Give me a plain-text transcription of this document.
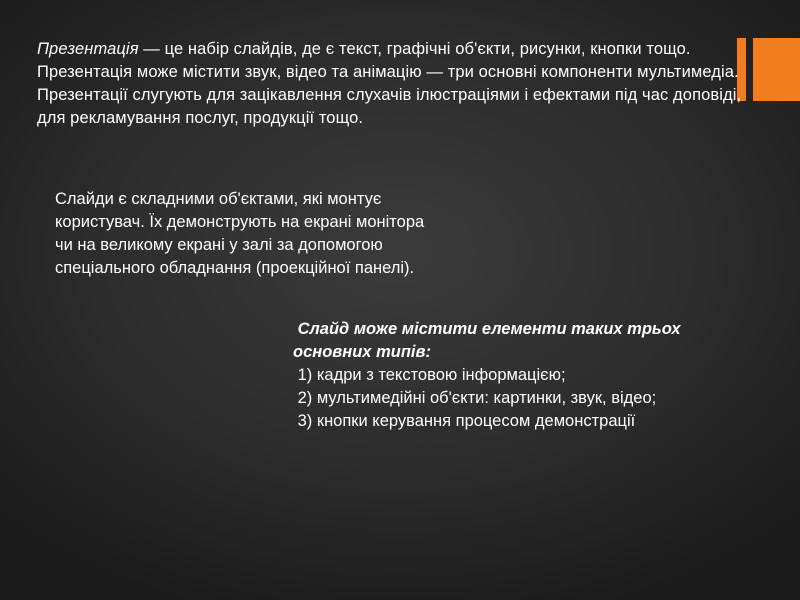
Презентація — це набір слайдів, де є текст, графічні об'єкти, рисунки, кнопки тощо. Презентація може містити звук, відео та анімацію — три основні компоненти мультимедіа.

Презентації слугують для зацікавлення слухачів ілюстраціями і ефектами під час доповіді, для рекламування послуг, продукції тощо.

Слайди є складними об'єктами, які монтує користувач. Їх демонструють на екрані монітора чи на великому екрані у залі за допомогою спеціального обладнання (проекційної панелі).

Слайд може містити елементи таких трьох основних типів:

1) кадри з текстовою інформацією;

2) мультимедійні об'єкти: картинки, звук, відео;

3) кнопки керування процесом демонстрації
